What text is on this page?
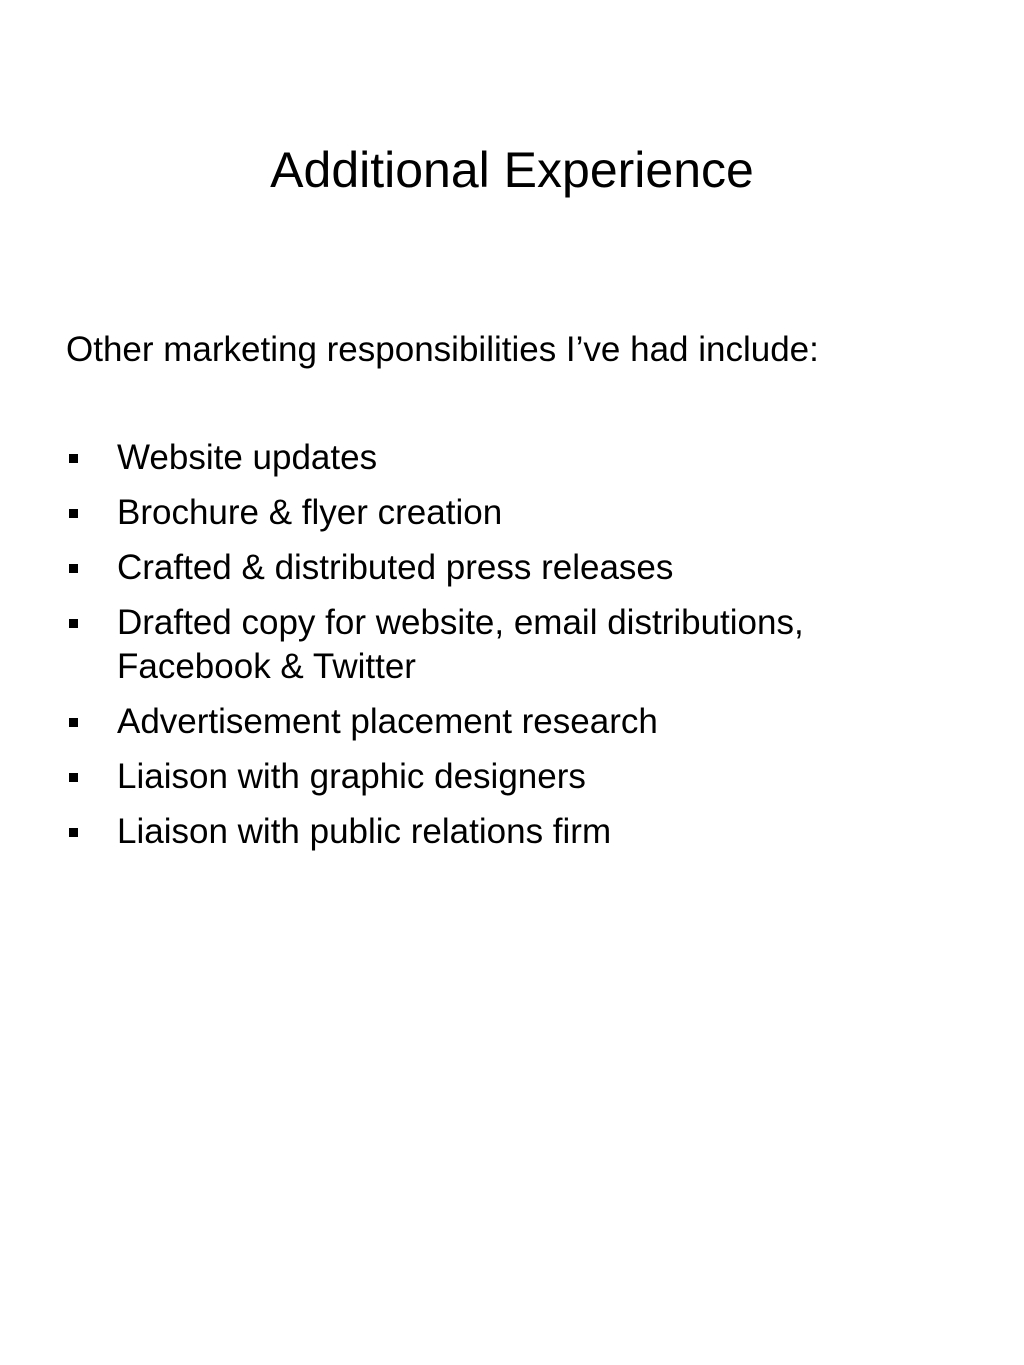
Additional Experience

Other marketing responsibilities I’ve had include:

Website updates
Brochure & flyer creation
Crafted & distributed press releases
Drafted copy for website, email distributions, Facebook & Twitter
Advertisement placement research
Liaison with graphic designers
Liaison with public relations firm
